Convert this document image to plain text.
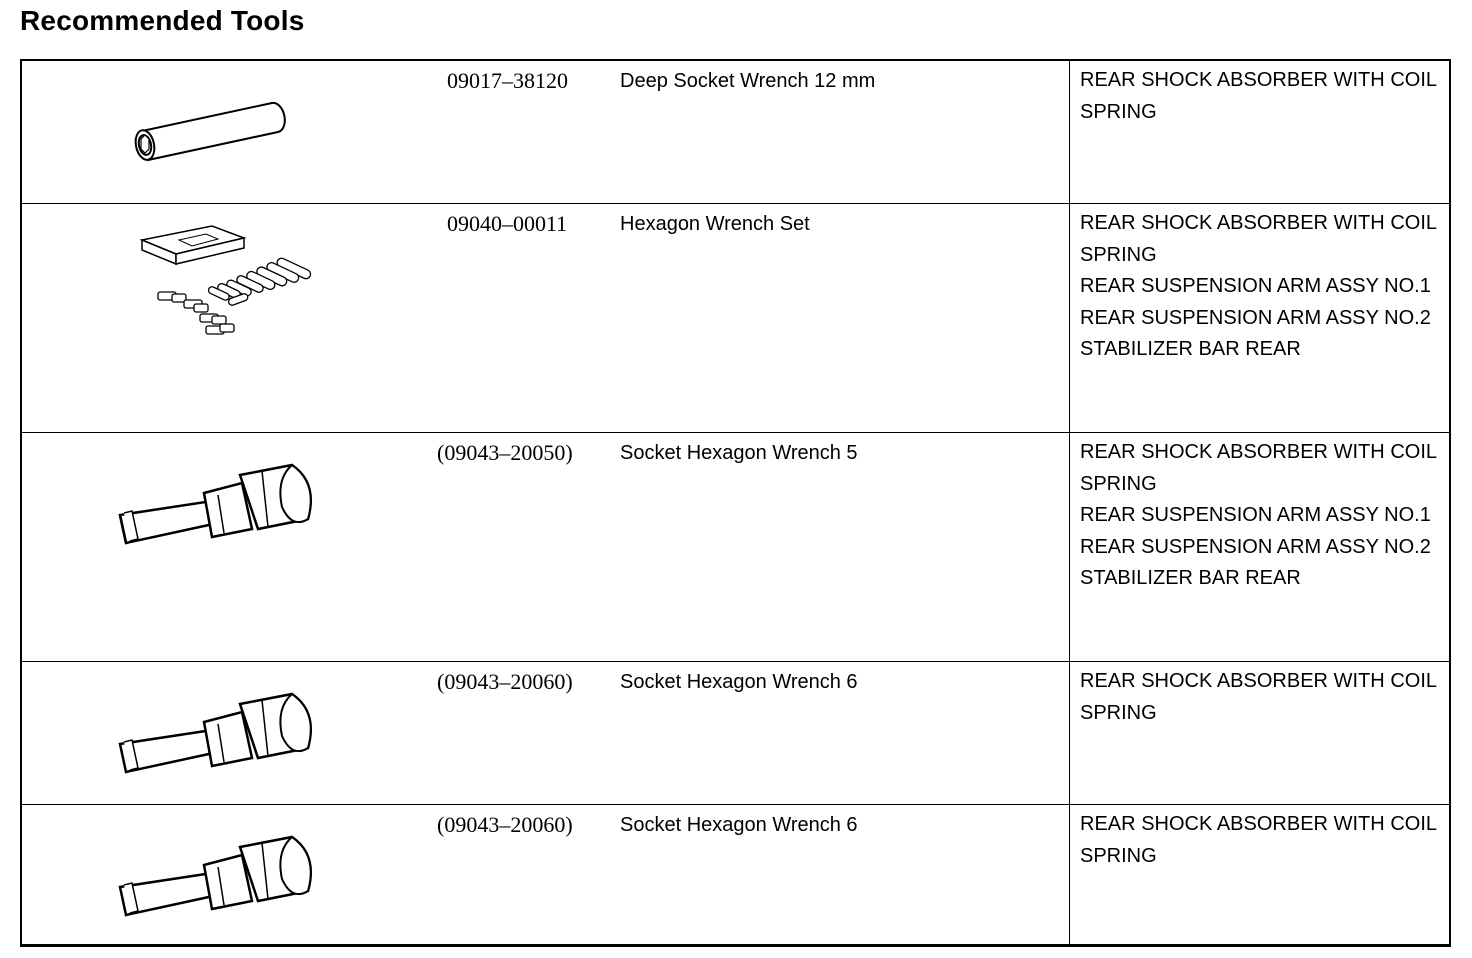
Recommended Tools
09017–38120	Deep Socket Wrench 12 mm	REAR SHOCK ABSORBER WITH COIL SPRING
09040–00011	Hexagon Wrench Set	REAR SHOCK ABSORBER WITH COIL SPRING
REAR SUSPENSION ARM ASSY NO.1
REAR SUSPENSION ARM ASSY NO.2
STABILIZER BAR REAR
(09043–20050) Socket Hexagon Wrench 5	REAR SHOCK ABSORBER WITH COIL SPRING
REAR SUSPENSION ARM ASSY NO.1
REAR SUSPENSION ARM ASSY NO.2
STABILIZER BAR REAR
(09043–20060) Socket Hexagon Wrench 6	REAR SHOCK ABSORBER WITH COIL SPRING
(09043–20060) Socket Hexagon Wrench 6	REAR SHOCK ABSORBER WITH COIL SPRING
